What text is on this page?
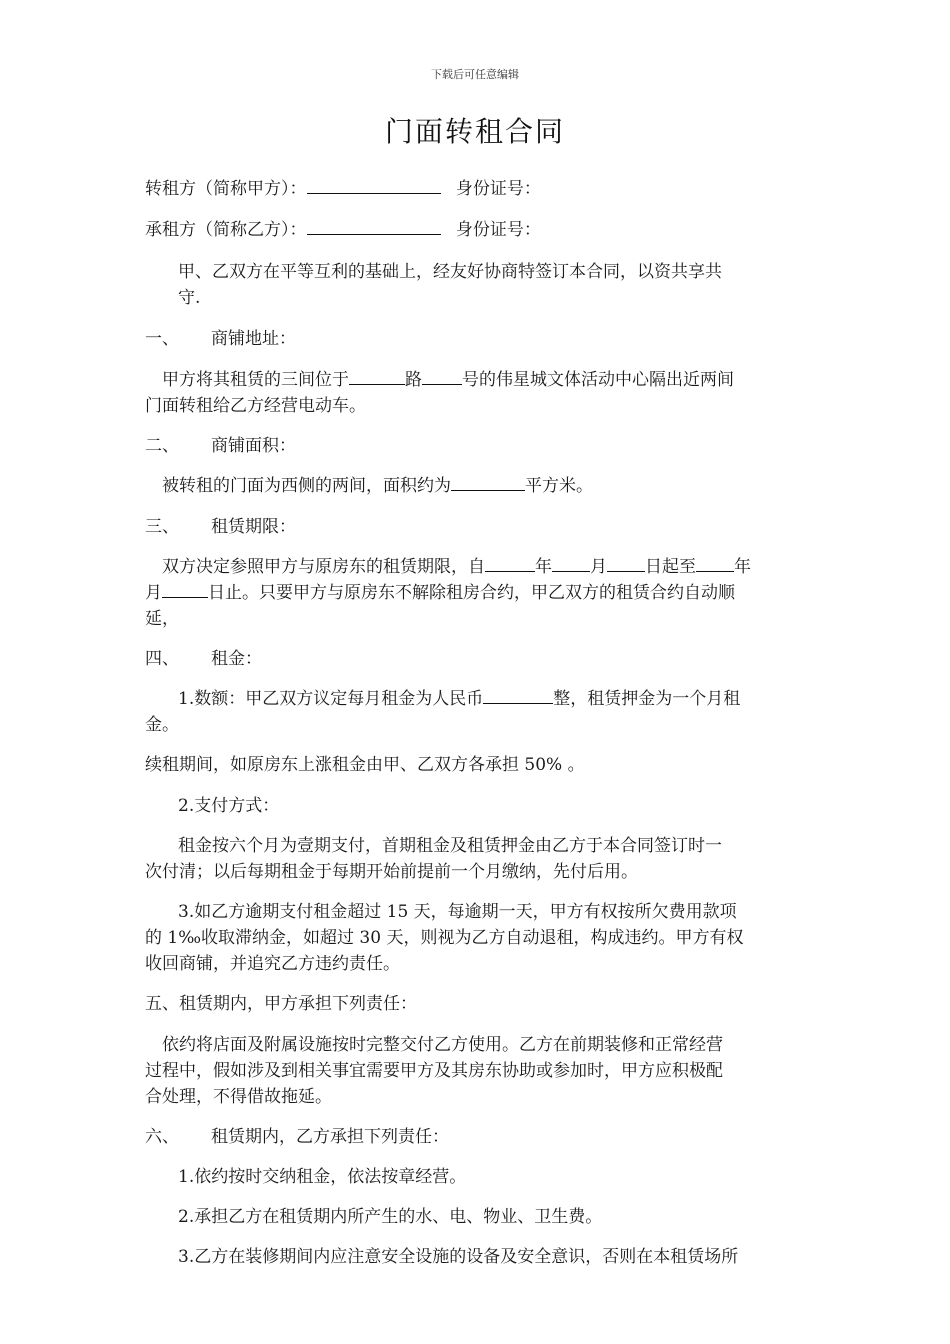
下载后可任意编辑
门面转租合同
转租方（简称甲方）：	身份证号：
承租方（简称乙方）：	身份证号：
甲、乙双方在平等互利的基础上，经友好协商特签订本合同，以资共享共
守.
一、 商铺地址：
甲方将其租赁的三间位于	路 号的伟星城文体活动中心隔出近两间
门面转租给乙方经营电动车。
二、 商铺面积：
被转租的门面为西侧的两间，面积约为	平方米。
三、 租赁期限：
双方决定参照甲方与原房东的租赁期限，自	年 月 日起至 年
月	日止。只要甲方与原房东不解除租房合约，甲乙双方的租赁合约自动顺
延，
四、 租金：
1.数额：甲乙双方议定每月租金为人民币	整，租赁押金为一个月租
金。
续租期间，如原房东上涨租金由甲、乙双方各承担 50% 。
2.支付方式：
租金按六个月为壹期支付，首期租金及租赁押金由乙方于本合同签订时一
次付清；以后每期租金于每期开始前提前一个月缴纳，先付后用。
3.如乙方逾期支付租金超过 15 天，每逾期一天，甲方有权按所欠费用款项
的 1‰收取滞纳金，如超过 30 天，则视为乙方自动退租，构成违约。甲方有权
收回商铺，并追究乙方违约责任。
五、租赁期内，甲方承担下列责任：
依约将店面及附属设施按时完整交付乙方使用。乙方在前期装修和正常经营
过程中，假如涉及到相关事宜需要甲方及其房东协助或参加时，甲方应积极配
合处理，不得借故拖延。
六、 租赁期内，乙方承担下列责任：
1.依约按时交纳租金，依法按章经营。
2.承担乙方在租赁期内所产生的水、电、物业、卫生费。
3.乙方在装修期间内应注意安全设施的设备及安全意识，否则在本租赁场所
